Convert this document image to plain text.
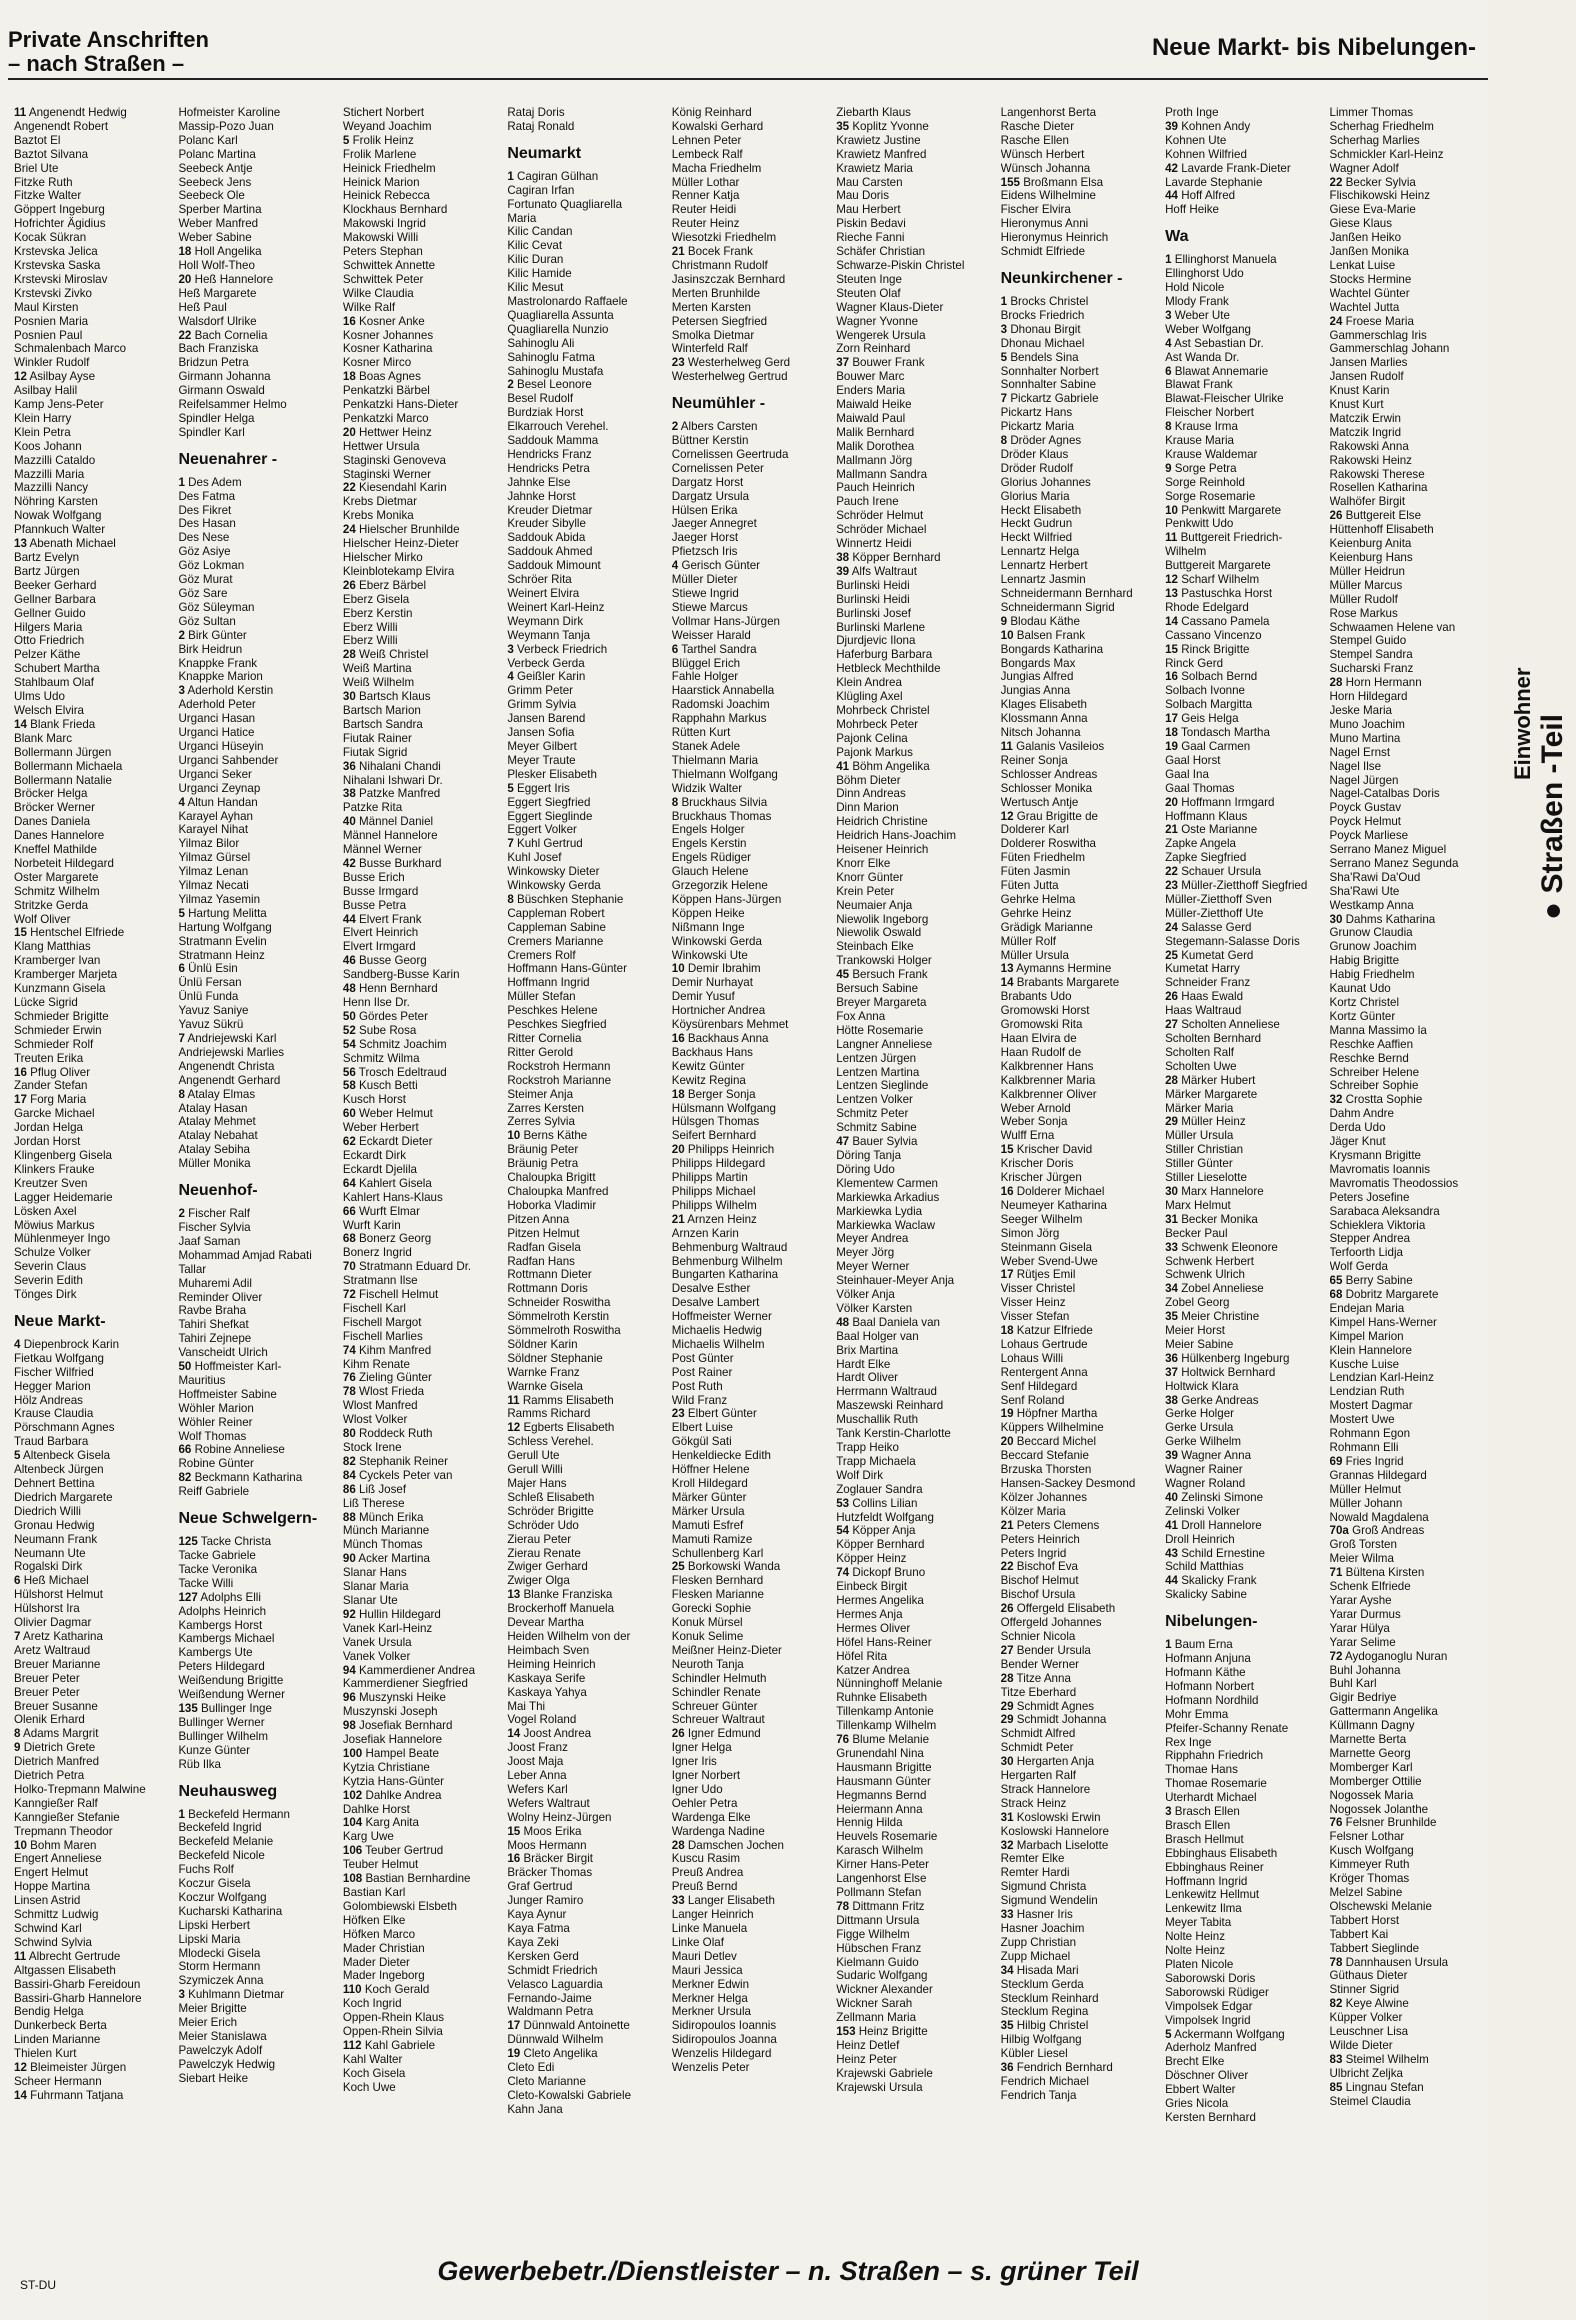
Private Anschriften
– nach Straßen –
Neue Markt- bis Nibelungen-
11 Angenendt Hedwig
Angenendt Robert
Baztot El
Baztot Silvana
Briel Ute
Fitzke Ruth
Fitzke Walter
Göppert Ingeburg
Hofrichter Ägidius
Kocak Sükran
Krstevska Jelica
Krstevska Saska
Krstevski Miroslav
Krstevski Zivko
Maul Kirsten
Posnien Maria
Posnien Paul
Schmalenbach Marco
Winkler Rudolf
12 Asilbay Ayse
Asilbay Halil
Kamp Jens-Peter
Klein Harry
Klein Petra
Koos Johann
Mazzilli Cataldo
Mazzilli Maria
Mazzilli Nancy
Nöhring Karsten
Nowak Wolfgang
Pfannkuch Walter
13 Abenath Michael
Bartz Evelyn
Bartz Jürgen
Beeker Gerhard
Gellner Barbara
Gellner Guido
Hilgers Maria
Otto Friedrich
Pelzer Käthe
Schubert Martha
Stahlbaum Olaf
Ulms Udo
Welsch Elvira
14 Blank Frieda
Blank Marc
Bollermann Jürgen
Bollermann Michaela
Bollermann Natalie
Bröcker Helga
Bröcker Werner
Danes Daniela
Danes Hannelore
Kneffel Mathilde
Norbeteit Hildegard
Oster Margarete
Schmitz Wilhelm
Stritzke Gerda
Wolf Oliver
15 Hentschel Elfriede
Klang Matthias
Kramberger Ivan
Kramberger Marjeta
Kunzmann Gisela
Lücke Sigrid
Schmieder Brigitte
Schmieder Erwin
Schmieder Rolf
Treuten Erika
16 Pflug Oliver
Zander Stefan
17 Forg Maria
Garcke Michael
Jordan Helga
Jordan Horst
Klingenberg Gisela
Klinkers Frauke
Kreutzer Sven
Lagger Heidemarie
Lösken Axel
Möwius Markus
Mühlenmeyer Ingo
Schulze Volker
Severin Claus
Severin Edith
Tönges Dirk
Neue Markt-
4 Diepenbrock Karin
Fietkau Wolfgang
Fischer Wilfried
Hegger Marion
Hölz Andreas
Krause Claudia
Pörschmann Agnes
Traud Barbara
5 Altenbeck Gisela
Altenbeck Jürgen
Dehnert Bettina
Diedrich Margarete
Diedrich Willi
Gronau Hedwig
Neumann Frank
Neumann Ute
Rogalski Dirk
6 Heß Michael
Hülshorst Helmut
Hülshorst Ira
Olivier Dagmar
7 Aretz Katharina
Aretz Waltraud
Breuer Marianne
Breuer Peter
Breuer Peter
Breuer Susanne
Olenik Erhard
8 Adams Margrit
9 Dietrich Grete
Dietrich Manfred
Dietrich Petra
Holko-Trepmann Malwine
Kanngießer Ralf
Kanngießer Stefanie
Trepmann Theodor
10 Bohm Maren
Engert Anneliese
Engert Helmut
Hoppe Martina
Linsen Astrid
Schmittz Ludwig
Schwind Karl
Schwind Sylvia
11 Albrecht Gertrude
Altgassen Elisabeth
Bassiri-Gharb Fereidoun
Bassiri-Gharb Hannelore
Bendig Helga
Dunkerbeck Berta
Linden Marianne
Thielen Kurt
12 Bleimeister Jürgen
Scheer Hermann
14 Fuhrmann Tatjana
Hofmeister Karoline
Massip-Pozo Juan
Polanc Karl
Polanc Martina
Seebeck Antje
Seebeck Jens
Seebeck Ole
Sperber Martina
Weber Manfred
Weber Sabine
18 Holl Angelika
Holl Wolf-Theo
20 Heß Hannelore
Heß Margarete
Heß Paul
Walsdorf Ulrike
22 Bach Cornelia
Bach Franziska
Bridzun Petra
Girmann Johanna
Girmann Oswald
Reifelsammer Helmo
Spindler Helga
Spindler Karl
Neuenahrer -
1 Des Adem
Des Fatma
Des Fikret
Des Hasan
Des Nese
Göz Asiye
Göz Lokman
Göz Murat
Göz Sare
Göz Süleyman
Göz Sultan
2 Birk Günter
Birk Heidrun
Knappke Frank
Knappke Marion
3 Aderhold Kerstin
Aderhold Peter
Urganci Hasan
Urganci Hatice
Urganci Hüseyin
Urganci Sahbender
Urganci Seker
Urganci Zeynap
4 Altun Handan
Karayel Ayhan
Karayel Nihat
Yilmaz Bilor
Yilmaz Gürsel
Yilmaz Lenan
Yilmaz Necati
Yilmaz Yasemin
5 Hartung Melitta
Hartung Wolfgang
Stratmann Evelin
Stratmann Heinz
6 Ünlü Esin
Ünlü Fersan
Ünlü Funda
Yavuz Saniye
Yavuz Sükrü
7 Andriejewski Karl
Andriejewski Marlies
Angenendt Christa
Angenendt Gerhard
8 Atalay Elmas
Atalay Hasan
Atalay Mehmet
Atalay Nebahat
Atalay Sebiha
Müller Monika
Neuenhof-
2 Fischer Ralf
Fischer Sylvia
Jaaf Saman
Mohammad Amjad Rabati
Tallar
Muharemi Adil
Reminder Oliver
Ravbe Braha
Tahiri Shefkat
Tahiri Zejnepe
Vanscheidt Ulrich
50 Hoffmeister Karl-
Mauritius
Hoffmeister Sabine
Wöhler Marion
Wöhler Reiner
Wolf Thomas
66 Robine Anneliese
Robine Günter
82 Beckmann Katharina
Reiff Gabriele
Neue Schwelgern-
125 Tacke Christa
Tacke Gabriele
Tacke Veronika
Tacke Willi
127 Adolphs Elli
Adolphs Heinrich
Kambergs Horst
Kambergs Michael
Kambergs Ute
Peters Hildegard
Weißendung Brigitte
Weißendung Werner
135 Bullinger Inge
Bullinger Werner
Bullinger Wilhelm
Kunze Günter
Rüb Ilka
Neuhausweg
1 Beckefeld Hermann
Beckefeld Ingrid
Beckefeld Melanie
Beckefeld Nicole
Fuchs Rolf
Koczur Gisela
Koczur Wolfgang
Kucharski Katharina
Lipski Herbert
Lipski Maria
Mlodecki Gisela
Storm Hermann
Szymiczek Anna
3 Kuhlmann Dietmar
Meier Brigitte
Meier Erich
Meier Stanislawa
Pawelczyk Adolf
Pawelczyk Hedwig
Siebart Heike
Stichert Norbert
Weyand Joachim
5 Frolik Heinz
Frolik Marlene
Heinick Friedhelm
Heinick Marion
Heinick Rebecca
Klockhaus Bernhard
Makowski Ingrid
Makowski Willi
Peters Stephan
Schwittek Annette
Schwittek Peter
Wilke Claudia
Wilke Ralf
16 Kosner Anke
Kosner Johannes
Kosner Katharina
Kosner Mirco
18 Boas Agnes
Penkatzki Bärbel
Penkatzki Hans-Dieter
Penkatzki Marco
20 Hettwer Heinz
Hettwer Ursula
Staginski Genoveva
Staginski Werner
22 Kiesendahl Karin
Krebs Dietmar
Krebs Monika
24 Hielscher Brunhilde
Hielscher Heinz-Dieter
Hielscher Mirko
Kleinblotekamp Elvira
26 Eberz Bärbel
Eberz Gisela
Eberz Kerstin
Eberz Willi
Eberz Willi
28 Weiß Christel
Weiß Martina
Weiß Wilhelm
30 Bartsch Klaus
Bartsch Marion
Bartsch Sandra
Fiutak Rainer
Fiutak Sigrid
36 Nihalani Chandi
Nihalani Ishwari Dr.
38 Patzke Manfred
Patzke Rita
40 Männel Daniel
Männel Hannelore
Männel Werner
42 Busse Burkhard
Busse Erich
Busse Irmgard
Busse Petra
44 Elvert Frank
Elvert Heinrich
Elvert Irmgard
46 Busse Georg
Sandberg-Busse Karin
48 Henn Bernhard
Henn Ilse Dr.
50 Gördes Peter
52 Sube Rosa
54 Schmitz Joachim
Schmitz Wilma
56 Trosch Edeltraud
58 Kusch Betti
Kusch Horst
60 Weber Helmut
Weber Herbert
62 Eckardt Dieter
Eckardt Dirk
Eckardt Djelila
64 Kahlert Gisela
Kahlert Hans-Klaus
66 Wurft Elmar
Wurft Karin
68 Bonerz Georg
Bonerz Ingrid
70 Stratmann Eduard Dr.
Stratmann Ilse
72 Fischell Helmut
Fischell Karl
Fischell Margot
Fischell Marlies
74 Kihm Manfred
Kihm Renate
76 Zieling Günter
78 Wlost Frieda
Wlost Manfred
Wlost Volker
80 Roddeck Ruth
Stock Irene
82 Stephanik Reiner
84 Cyckels Peter van
86 Liß Josef
Liß Therese
88 Münch Erika
Münch Marianne
Münch Thomas
90 Acker Martina
Slanar Hans
Slanar Maria
Slanar Ute
92 Hullin Hildegard
Vanek Karl-Heinz
Vanek Ursula
Vanek Volker
94 Kammerdiener Andrea
Kammerdiener Siegfried
96 Muszynski Heike
Muszynski Joseph
98 Josefiak Bernhard
Josefiak Hannelore
100 Hampel Beate
Kytzia Christiane
Kytzia Hans-Günter
102 Dahlke Andrea
Dahlke Horst
104 Karg Anita
Karg Uwe
106 Teuber Gertrud
Teuber Helmut
108 Bastian Bernhardine
Bastian Karl
Golombiewski Elsbeth
Höfken Elke
Höfken Marco
Mader Christian
Mader Dieter
Mader Ingeborg
110 Koch Gerald
Koch Ingrid
Oppen-Rhein Klaus
Oppen-Rhein Silvia
112 Kahl Gabriele
Kahl Walter
Koch Gisela
Koch Uwe
Rataj Doris
Rataj Ronald
Neumarkt
1 Cagiran Gülhan
Cagiran Irfan
Fortunato Quagliarella
Maria
Kilic Candan
Kilic Cevat
Kilic Duran
Kilic Hamide
Kilic Mesut
Mastrolonardo Raffaele
Quagliarella Assunta
Quagliarella Nunzio
Sahinoglu Ali
Sahinoglu Fatma
Sahinoglu Mustafa
2 Besel Leonore
Besel Rudolf
Burdziak Horst
Elkarrouch Verehel.
Saddouk Mamma
Hendricks Franz
Hendricks Petra
Jahnke Else
Jahnke Horst
Kreuder Dietmar
Kreuder Sibylle
Saddouk Abida
Saddouk Ahmed
Saddouk Mimount
Schröer Rita
Weinert Elvira
Weinert Karl-Heinz
Weymann Dirk
Weymann Tanja
3 Verbeck Friedrich
Verbeck Gerda
4 Geißler Karin
Grimm Peter
Grimm Sylvia
Jansen Barend
Jansen Sofia
Meyer Gilbert
Meyer Traute
Plesker Elisabeth
5 Eggert Iris
Eggert Siegfried
Eggert Sieglinde
Eggert Volker
7 Kuhl Gertrud
Kuhl Josef
Winkowsky Dieter
Winkowsky Gerda
8 Büschken Stephanie
Cappleman Robert
Cappleman Sabine
Cremers Marianne
Cremers Rolf
Hoffmann Hans-Günter
Hoffmann Ingrid
Müller Stefan
Peschkes Helene
Peschkes Siegfried
Ritter Cornelia
Ritter Gerold
Rockstroh Hermann
Rockstroh Marianne
Steimer Anja
Zarres Kersten
Zerres Sylvia
10 Berns Käthe
Bräunig Peter
Bräunig Petra
Chaloupka Brigitt
Chaloupka Manfred
Hoborka Vladimir
Pitzen Anna
Pitzen Helmut
Radfan Gisela
Radfan Hans
Rottmann Dieter
Rottmann Doris
Schneider Roswitha
Sömmelroth Kerstin
Sömmelroth Roswitha
Söldner Karin
Söldner Stephanie
Warnke Franz
Warnke Gisela
11 Ramms Elisabeth
Ramms Richard
12 Egberts Elisabeth
Schless Verehel.
Gerull Ute
Gerull Willi
Majer Hans
Schleß Elisabeth
Schröder Brigitte
Schröder Udo
Zierau Peter
Zierau Renate
Zwiger Gerhard
Zwiger Olga
13 Blanke Franziska
Brockerhoff Manuela
Devear Martha
Heiden Wilhelm von der
Heimbach Sven
Heiming Heinrich
Kaskaya Serife
Kaskaya Yahya
Mai Thi
Vogel Roland
14 Joost Andrea
Joost Franz
Joost Maja
Leber Anna
Wefers Karl
Wefers Waltraut
Wolny Heinz-Jürgen
15 Moos Erika
Moos Hermann
16 Bräcker Birgit
Bräcker Thomas
Graf Gertrud
Junger Ramiro
Kaya Aynur
Kaya Fatma
Kaya Zeki
Kersken Gerd
Schmidt Friedrich
Velasco Laguardia
Fernando-Jaime
Waldmann Petra
17 Dünnwald Antoinette
Dünnwald Wilhelm
19 Cleto Angelika
Cleto Edi
Cleto Marianne
Cleto-Kowalski Gabriele
Kahn Jana
König Reinhard
Kowalski Gerhard
Lehnen Peter
Lembeck Ralf
Macha Friedhelm
Müller Lothar
Renner Katja
Reuter Heidi
Reuter Heinz
Wiesotzki Friedhelm
21 Bocek Frank
Christmann Rudolf
Jasinszczak Bernhard
Merten Brunhilde
Merten Karsten
Petersen Siegfried
Smolka Dietmar
Winterfeld Ralf
23 Westerhelweg Gerd
Westerhelweg Gertrud
Neumühler -
2 Albers Carsten
Büttner Kerstin
Cornelissen Geertruda
Cornelissen Peter
Dargatz Horst
Dargatz Ursula
Hülsen Erika
Jaeger Annegret
Jaeger Horst
Pfietzsch Iris
4 Gerisch Günter
Müller Dieter
Stiewe Ingrid
Stiewe Marcus
Vollmar Hans-Jürgen
Weisser Harald
6 Tarthel Sandra
Blüggel Erich
Fahle Holger
Haarstick Annabella
Radomski Joachim
Rapphahn Markus
Rütten Kurt
Stanek Adele
Thielmann Maria
Thielmann Wolfgang
Widzik Walter
8 Bruckhaus Silvia
Bruckhaus Thomas
Engels Holger
Engels Kerstin
Engels Rüdiger
Glauch Helene
Grzegorzik Helene
Köppen Hans-Jürgen
Köppen Heike
Nißmann Inge
Winkowski Gerda
Winkowski Ute
10 Demir Ibrahim
Demir Nurhayat
Demir Yusuf
Hortnicher Andrea
Köysürenbars Mehmet
16 Backhaus Anna
Backhaus Hans
Kewitz Günter
Kewitz Regina
18 Berger Sonja
Hülsmann Wolfgang
Hülsgen Thomas
Seifert Bernhard
20 Philipps Heinrich
Philipps Hildegard
Philipps Martin
Philipps Michael
Philipps Wilhelm
21 Arnzen Heinz
Arnzen Karin
Behmenburg Waltraud
Behmenburg Wilhelm
Bungarten Katharina
Desalve Esther
Desalve Lambert
Hoffmeister Werner
Michaelis Hedwig
Michaelis Wilhelm
Post Günter
Post Rainer
Post Ruth
Wild Franz
23 Elbert Günter
Elbert Luise
Gökgül Sati
Henkeldiecke Edith
Höffner Helene
Kroll Hildegard
Märker Günter
Märker Ursula
Mamuti Esfref
Mamuti Ramize
Schullenberg Karl
25 Borkowski Wanda
Flesken Bernhard
Flesken Marianne
Gorecki Sophie
Konuk Mürsel
Konuk Selime
Meißner Heinz-Dieter
Neuroth Tanja
Schindler Helmuth
Schindler Renate
Schreuer Günter
Schreuer Waltraut
26 Igner Edmund
Igner Helga
Igner Iris
Igner Norbert
Igner Udo
Oehler Petra
Wardenga Elke
Wardenga Nadine
28 Damschen Jochen
Kuscu Rasim
Preuß Andrea
Preuß Bernd
33 Langer Elisabeth
Langer Heinrich
Linke Manuela
Linke Olaf
Mauri Detlev
Mauri Jessica
Merkner Edwin
Merkner Helga
Merkner Ursula
Sidiropoulos Ioannis
Sidiropoulos Joanna
Wenzelis Hildegard
Wenzelis Peter
Ziebarth Klaus
35 Koplitz Yvonne
Krawietz Justine
Krawietz Manfred
Krawietz Maria
Mau Carsten
Mau Doris
Mau Herbert
Piskin Bedavi
Rieche Fanni
Schäfer Christian
Schwarze-Piskin Christel
Steuten Inge
Steuten Olaf
Wagner Klaus-Dieter
Wagner Yvonne
Wengerek Ursula
Zorn Reinhard
37 Bouwer Frank
Bouwer Marc
Enders Maria
Maiwald Heike
Maiwald Paul
Malik Bernhard
Malik Dorothea
Mallmann Jörg
Mallmann Sandra
Pauch Heinrich
Pauch Irene
Schröder Helmut
Schröder Michael
Winnertz Heidi
38 Köpper Bernhard
39 Alfs Waltraut
Burlinski Heidi
Burlinski Heidi
Burlinski Josef
Burlinski Marlene
Djurdjevic Ilona
Haferburg Barbara
Hetbleck Mechthilde
Klein Andrea
Klügling Axel
Mohrbeck Christel
Mohrbeck Peter
Pajonk Celina
Pajonk Markus
41 Böhm Angelika
Böhm Dieter
Dinn Andreas
Dinn Marion
Heidrich Christine
Heidrich Hans-Joachim
Heisener Heinrich
Knorr Elke
Knorr Günter
Krein Peter
Neumaier Anja
Niewolik Ingeborg
Niewolik Oswald
Steinbach Elke
Trankowski Holger
45 Bersuch Frank
Bersuch Sabine
Breyer Margareta
Fox Anna
Hötte Rosemarie
Langner Anneliese
Lentzen Jürgen
Lentzen Martina
Lentzen Sieglinde
Lentzen Volker
Schmitz Peter
Schmitz Sabine
47 Bauer Sylvia
Döring Tanja
Döring Udo
Klementew Carmen
Markiewka Arkadius
Markiewka Lydia
Markiewka Waclaw
Meyer Andrea
Meyer Jörg
Meyer Werner
Steinhauer-Meyer Anja
Völker Anja
Völker Karsten
48 Baal Daniela van
Baal Holger van
Brix Martina
Hardt Elke
Hardt Oliver
Herrmann Waltraud
Maszewski Reinhard
Muschallik Ruth
Tank Kerstin-Charlotte
Trapp Heiko
Trapp Michaela
Wolf Dirk
Zoglauer Sandra
53 Collins Lilian
Hutzfeldt Wolfgang
54 Köpper Anja
Köpper Bernhard
Köpper Heinz
74 Dickopf Bruno
Einbeck Birgit
Hermes Angelika
Hermes Anja
Hermes Oliver
Höfel Hans-Reiner
Höfel Rita
Katzer Andrea
Nünninghoff Melanie
Ruhnke Elisabeth
Tillenkamp Antonie
Tillenkamp Wilhelm
76 Blume Melanie
Grunendahl Nina
Hausmann Brigitte
Hausmann Günter
Hegmanns Bernd
Heiermann Anna
Hennig Hilda
Heuvels Rosemarie
Karasch Wilhelm
Kirner Hans-Peter
Langenhorst Else
Pollmann Stefan
78 Dittmann Fritz
Dittmann Ursula
Figge Wilhelm
Hübschen Franz
Kielmann Guido
Sudaric Wolfgang
Wickner Alexander
Wickner Sarah
Zellmann Maria
153 Heinz Brigitte
Heinz Detlef
Heinz Peter
Krajewski Gabriele
Krajewski Ursula
Langenhorst Berta
Rasche Dieter
Rasche Ellen
Wünsch Herbert
Wünsch Johanna
155 Broßmann Elsa
Eidens Wilhelmine
Fischer Elvira
Hieronymus Anni
Hieronymus Heinrich
Schmidt Elfriede
Neunkirchener -
1 Brocks Christel
Brocks Friedrich
3 Dhonau Birgit
Dhonau Michael
5 Bendels Sina
Sonnhalter Norbert
Sonnhalter Sabine
7 Pickartz Gabriele
Pickartz Hans
Pickartz Maria
8 Dröder Agnes
Dröder Klaus
Dröder Rudolf
Glorius Johannes
Glorius Maria
Heckt Elisabeth
Heckt Gudrun
Heckt Wilfried
Lennartz Helga
Lennartz Herbert
Lennartz Jasmin
Schneidermann Bernhard
Schneidermann Sigrid
9 Blodau Käthe
10 Balsen Frank
Bongards Katharina
Bongards Max
Jungias Alfred
Jungias Anna
Klages Elisabeth
Klossmann Anna
Nitsch Johanna
11 Galanis Vasileios
Reiner Sonja
Schlosser Andreas
Schlosser Monika
Wertusch Antje
12 Grau Brigitte de
Dolderer Karl
Dolderer Roswitha
Füten Friedhelm
Füten Jasmin
Füten Jutta
Gehrke Helma
Gehrke Heinz
Grädigk Marianne
Müller Rolf
Müller Ursula
13 Aymanns Hermine
14 Brabants Margarete
Brabants Udo
Gromowski Horst
Gromowski Rita
Haan Elvira de
Haan Rudolf de
Kalkbrenner Hans
Kalkbrenner Maria
Kalkbrenner Oliver
Weber Arnold
Weber Sonja
Wulff Erna
15 Krischer David
Krischer Doris
Krischer Jürgen
16 Dolderer Michael
Neumeyer Katharina
Seeger Wilhelm
Simon Jörg
Steinmann Gisela
Weber Svend-Uwe
17 Rütjes Emil
Visser Christel
Visser Heinz
Visser Stefan
18 Katzur Elfriede
Lohaus Gertrude
Lohaus Willi
Rentergent Anna
Senf Hildegard
Senf Roland
19 Höpfner Martha
Küppers Wilhelmine
20 Beccard Michel
Beccard Stefanie
Brzuska Thorsten
Hansen-Sackey Desmond
Kölzer Johannes
Kölzer Maria
21 Peters Clemens
Peters Heinrich
Peters Ingrid
22 Bischof Eva
Bischof Helmut
Bischof Ursula
26 Offergeld Elisabeth
Offergeld Johannes
Schnier Nicola
27 Bender Ursula
Bender Werner
28 Titze Anna
Titze Eberhard
29 Schmidt Agnes
29 Schmidt Johanna
Schmidt Alfred
Schmidt Peter
30 Hergarten Anja
Hergarten Ralf
Strack Hannelore
Strack Heinz
31 Koslowski Erwin
Koslowski Hannelore
32 Marbach Liselotte
Remter Elke
Remter Hardi
Sigmund Christa
Sigmund Wendelin
33 Hasner Iris
Hasner Joachim
Zupp Christian
Zupp Michael
34 Hisada Mari
Stecklum Gerda
Stecklum Reinhard
Stecklum Regina
35 Hilbig Christel
Hilbig Wolfgang
Kübler Liesel
36 Fendrich Bernhard
Fendrich Michael
Fendrich Tanja
Proth Inge
39 Kohnen Andy
Kohnen Ute
Kohnen Wilfried
42 Lavarde Frank-Dieter
Lavarde Stephanie
44 Hoff Alfred
Hoff Heike
Wa
1 Ellinghorst Manuela
Ellinghorst Udo
Hold Nicole
Mlody Frank
3 Weber Ute
Weber Wolfgang
4 Ast Sebastian Dr.
Ast Wanda Dr.
6 Blawat Annemarie
Blawat Frank
Blawat-Fleischer Ulrike
Fleischer Norbert
8 Krause Irma
Krause Maria
Krause Waldemar
9 Sorge Petra
Sorge Reinhold
Sorge Rosemarie
10 Penkwitt Margarete
Penkwitt Udo
11 Buttgereit Friedrich-
Wilhelm
Buttgereit Margarete
12 Scharf Wilhelm
13 Pastuschka Horst
Rhode Edelgard
14 Cassano Pamela
Cassano Vincenzo
15 Rinck Brigitte
Rinck Gerd
16 Solbach Bernd
Solbach Ivonne
Solbach Margitta
17 Geis Helga
18 Tondasch Martha
19 Gaal Carmen
Gaal Horst
Gaal Ina
Gaal Thomas
20 Hoffmann Irmgard
Hoffmann Klaus
21 Oste Marianne
Zapke Angela
Zapke Siegfried
22 Schauer Ursula
23 Müller-Zietthoff Siegfried
Müller-Zietthoff Sven
Müller-Zietthoff Ute
24 Salasse Gerd
Stegemann-Salasse Doris
25 Kumetat Gerd
Kumetat Harry
Schneider Franz
26 Haas Ewald
Haas Waltraud
27 Scholten Anneliese
Scholten Bernhard
Scholten Ralf
Scholten Uwe
28 Märker Hubert
Märker Margarete
Märker Maria
29 Müller Heinz
Müller Ursula
Stiller Christian
Stiller Günter
Stiller Lieselotte
30 Marx Hannelore
Marx Helmut
31 Becker Monika
Becker Paul
33 Schwenk Eleonore
Schwenk Herbert
Schwenk Ulrich
34 Zobel Anneliese
Zobel Georg
35 Meier Christine
Meier Horst
Meier Sabine
36 Hülkenberg Ingeburg
37 Holtwick Bernhard
Holtwick Klara
38 Gerke Andreas
Gerke Holger
Gerke Ursula
Gerke Wilhelm
39 Wagner Anna
Wagner Rainer
Wagner Roland
40 Zelinski Simone
Zelinski Volker
41 Droll Hannelore
Droll Heinrich
43 Schild Ernestine
Schild Matthias
44 Skalicky Frank
Skalicky Sabine
Nibelungen-
1 Baum Erna
Hofmann Anjuna
Hofmann Käthe
Hofmann Norbert
Hofmann Nordhild
Mohr Emma
Pfeifer-Schanny Renate
Rex Inge
Ripphahn Friedrich
Thomae Hans
Thomae Rosemarie
Uterhardt Michael
3 Brasch Ellen
Brasch Ellen
Brasch Hellmut
Ebbinghaus Elisabeth
Ebbinghaus Reiner
Hoffmann Ingrid
Lenkewitz Hellmut
Lenkewitz Ilma
Meyer Tabita
Nolte Heinz
Nolte Heinz
Platen Nicole
Saborowski Doris
Saborowski Rüdiger
Vimpolsek Edgar
Vimpolsek Ingrid
5 Ackermann Wolfgang
Aderholz Manfred
Brecht Elke
Döschner Oliver
Ebbert Walter
Gries Nicola
Kersten Bernhard
Limmer Thomas
Scherhag Friedhelm
Scherhag Marlies
Schmickler Karl-Heinz
Wagner Adolf
22 Becker Sylvia
Flischikowski Heinz
Giese Eva-Marie
Giese Klaus
Janßen Heiko
Janßen Monika
Lenkat Luise
Stocks Hermine
Wachtel Günter
Wachtel Jutta
24 Froese Maria
Gammerschlag Iris
Gammerschlag Johann
Jansen Marlies
Jansen Rudolf
Knust Karin
Knust Kurt
Matczik Erwin
Matczik Ingrid
Rakowski Anna
Rakowski Heinz
Rakowski Therese
Rosellen Katharina
Walhöfer Birgit
26 Buttgereit Else
Hüttenhoff Elisabeth
Keienburg Anita
Keienburg Hans
Müller Heidrun
Müller Marcus
Müller Rudolf
Rose Markus
Schwaamen Helene van
Stempel Guido
Stempel Sandra
Sucharski Franz
28 Horn Hermann
Horn Hildegard
Jeske Maria
Muno Joachim
Muno Martina
Nagel Ernst
Nagel Ilse
Nagel Jürgen
Nagel-Catalbas Doris
Poyck Gustav
Poyck Helmut
Poyck Marliese
Serrano Manez Miguel
Serrano Manez Segunda
Sha'Rawi Da'Oud
Sha'Rawi Ute
Westkamp Anna
30 Dahms Katharina
Grunow Claudia
Grunow Joachim
Habig Brigitte
Habig Friedhelm
Kaunat Udo
Kortz Christel
Kortz Günter
Manna Massimo la
Reschke Aaffien
Reschke Bernd
Schreiber Helene
Schreiber Sophie
32 Crostta Sophie
Dahm Andre
Derda Udo
Jäger Knut
Krysmann Brigitte
Mavromatis Ioannis
Mavromatis Theodossios
Peters Josefine
Sarabaca Aleksandra
Schieklera Viktoria
Stepper Andrea
Terfoorth Lidja
Wolf Gerda
65 Berry Sabine
68 Dobritz Margarete
Endejan Maria
Kimpel Hans-Werner
Kimpel Marion
Klein Hannelore
Kusche Luise
Lendzian Karl-Heinz
Lendzian Ruth
Mostert Dagmar
Mostert Uwe
Rohmann Egon
Rohmann Elli
69 Fries Ingrid
Grannas Hildegard
Müller Helmut
Müller Johann
Nowald Magdalena
70a Groß Andreas
Groß Torsten
Meier Wilma
71 Bültena Kirsten
Schenk Elfriede
Yarar Ayshe
Yarar Durmus
Yarar Hülya
Yarar Selime
72 Aydoganoglu Nuran
Buhl Johanna
Buhl Karl
Gigir Bedriye
Gattermann Angelika
Küllmann Dagny
Marnette Berta
Marnette Georg
Momberger Karl
Momberger Ottilie
Nogossek Maria
Nogossek Jolanthe
76 Felsner Brunhilde
Felsner Lothar
Kusch Wolfgang
Kimmeyer Ruth
Kröger Thomas
Melzel Sabine
Olschewski Melanie
Tabbert Horst
Tabbert Kai
Tabbert Sieglinde
78 Dannhausen Ursula
Güthaus Dieter
Stinner Sigrid
82 Keye Alwine
Küpper Volker
Leuschner Lisa
Wilde Dieter
83 Steimel Wilhelm
Ulbricht Zeljka
85 Lingnau Stefan
Steimel Claudia
Einwohner ● Straßen -Teil
ST-DU	Gewerbebetr./Dienstleister – n. Straßen – s. grüner Teil
